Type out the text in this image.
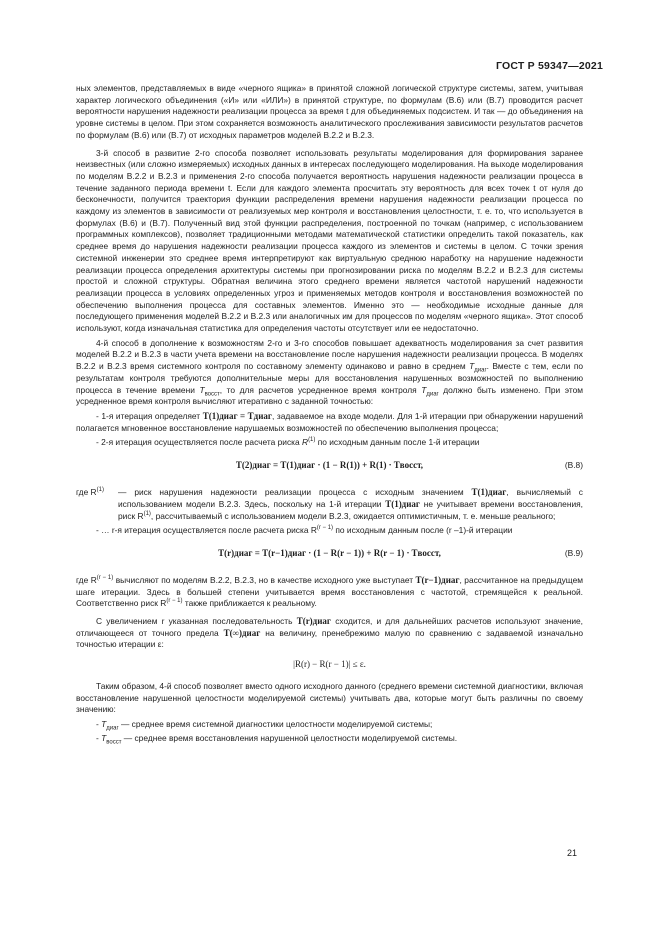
ГОСТ Р 59347—2021

ных элементов, представляемых в виде «черного ящика» в принятой сложной логической структуре системы, затем, учитывая характер логического объединения («И» или «ИЛИ») в принятой структуре, по формулам (В.6) или (В.7) проводится расчет вероятности нарушения надежности реализации процесса за время t для объединяемых подсистем. И так — до объединения на уровне системы в целом. При этом сохраняется возможность аналитического прослеживания зависимости результатов расчетов по формулам (В.6) или (В.7) от исходных параметров моделей В.2.2 и В.2.3.

3-й способ в развитие 2-го способа позволяет использовать результаты моделирования для формирования заранее неизвестных (или сложно измеряемых) исходных данных в интересах последующего моделирования. На выходе моделирования по моделям В.2.2 и В.2.3 и применения 2-го способа получается вероятность нарушения надежности реализации процесса в течение заданного периода времени t. Если для каждого элемента просчитать эту вероятность для всех точек t от нуля до бесконечности, получится траектория функции распределения времени нарушения надежности реализации процесса по каждому из элементов в зависимости от реализуемых мер контроля и восстановления целостности, т. е. то, что используется в формулах (В.6) и (В.7). Полученный вид этой функции распределения, построенной по точкам (например, с использованием программных комплексов), позволяет традиционными методами математической статистики определить такой показатель, как среднее время до нарушения надежности реализации процесса каждого из элементов и системы в целом. С точки зрения системной инженерии это среднее время интерпретируют как виртуальную среднюю наработку на нарушение надежности реализации процесса определения архитектуры системы при прогнозировании риска по моделям В.2.2 и В.2.3 для системы простой и сложной структуры. Обратная величина этого среднего времени является частотой нарушений надежности реализации процесса в условиях определенных угроз и применяемых методов контроля и восстановления возможностей по обеспечению выполнения процесса для составных элементов. Именно это — необходимые исходные данные для последующего применения моделей В.2.2 и В.2.3 или аналогичных им для процессов по моделям «черного ящика». Этот способ используют, когда изначальная статистика для определения частоты отсутствует или ее недостаточно.

4-й способ в дополнение к возможностям 2-го и 3-го способов повышает адекватность моделирования за счет развития моделей В.2.2 и В.2.3 в части учета времени на восстановление после нарушения надежности реализации процесса. В моделях В.2.2 и В.2.3 время системного контроля по составному элементу одинаково и равно в среднем $T_{диаг}$. Вместе с тем, если по результатам контроля требуются дополнительные меры для восстановления нарушенных возможностей по выполнению процесса в течение времени $T_{восст}$, то для расчетов усредненное время контроля $T_{диаг}$ должно быть изменено. При этом усредненное время контроля вычисляют итеративно с заданной точностью:

- 1-я итерация определяет T(1)диаг = Tдиаг, задаваемое на входе модели. Для 1-й итерации при обнаружении нарушений полагается мгновенное восстановление нарушаемых возможностей по обеспечению выполнения процесса;

- 2-я итерация осуществляется после расчета риска $R^{(1)}$ по исходным данным после 1-й итерации

T(2)диаг = T(1)диаг · (1 − R(1)) + R(1) · Tвосст,	(В.8)
где $R^{(1)}$	— риск нарушения надежности реализации процесса с исходным значением T(1)диаг, вычисляемый с использованием модели В.2.3. Здесь, поскольку на 1-й итерации T(1)диаг не учитывает времени восстановления, риск $R^{(1)}$, рассчитываемый с использованием модели В.2.3, ожидается оптимистичным, т. е. меньше реального;

- … r-я итерация осуществляется после расчета риска $R^{(r - 1)}$ по исходным данным после (r –1)-й итерации

T(r)диаг = T(r−1)диаг · (1 − R(r − 1)) + R(r − 1) · Tвосст,	(В.9)

где $R^{(r - 1)}$ вычисляют по моделям В.2.2, В.2.3, но в качестве исходного уже выступает T(r−1)диаг, рассчитанное на предыдущем шаге итерации. Здесь в большей степени учитывается время восстановления с частотой, стремящейся к реальной. Соответственно риск $R^{(r - 1)}$ также приближается к реальному.

С увеличением r указанная последовательность T(r)диаг сходится, и для дальнейших расчетов используют значение, отличающееся от точного предела T(∞)диаг на величину, пренебрежимо малую по сравнению с задаваемой изначально точностью итерации ε:

|R(r) − R(r − 1)| ≤ ε.

Таким образом, 4-й способ позволяет вместо одного исходного данного (среднего времени системной диагностики, включая восстановление нарушенной целостности моделируемой системы) учитывать два, которые могут быть различны по своему значению:

- $T_{диаг}$ — среднее время системной диагностики целостности моделируемой системы;

- $T_{восст}$ — среднее время восстановления нарушенной целостности моделируемой системы.

21
